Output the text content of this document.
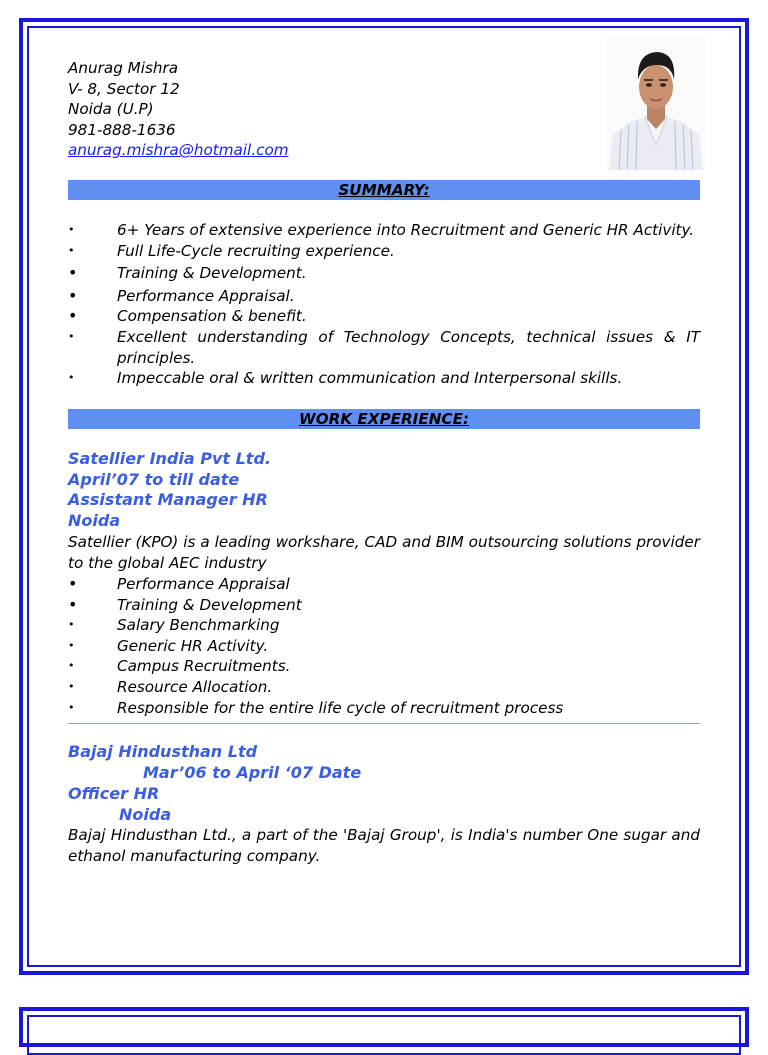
Anurag Mishra
V- 8, Sector 12
Noida (U.P)
981-888-1636
anurag.mishra@hotmail.com
SUMMARY:
•	6+ Years of extensive experience into Recruitment and Generic HR Activity.
•	Full Life-Cycle recruiting experience.
•	Training & Development.
•	Performance Appraisal.
•	Compensation & benefit.
•	Excellent understanding of Technology Concepts, technical issues & IT principles.
•	Impeccable oral & written communication and Interpersonal skills.
WORK EXPERIENCE:
Satellier India Pvt Ltd.
April’07 to till date
Assistant Manager HR
Noida
Satellier (KPO) is a leading workshare, CAD and BIM outsourcing solutions provider to the global AEC industry
•	Performance Appraisal
•	Training & Development
•	Salary Benchmarking
•	Generic HR Activity.
•	Campus Recruitments.
•	Resource Allocation.
•	Responsible for the entire life cycle of recruitment process
Bajaj Hindusthan Ltd
Mar’06 to April ‘07 Date
Officer HR
Noida
Bajaj Hindusthan Ltd., a part of the 'Bajaj Group', is India's number One sugar and ethanol manufacturing company.
